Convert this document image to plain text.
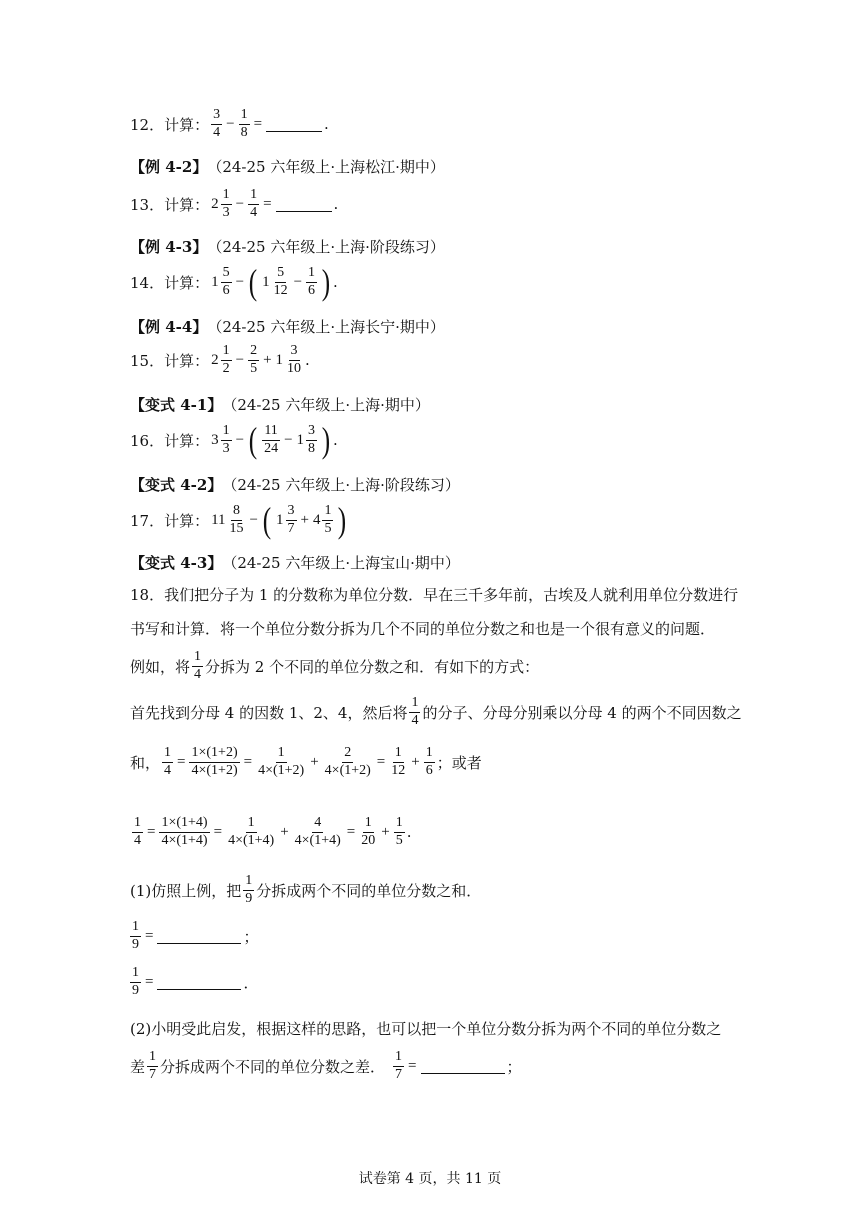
12．计算： $\frac{3}{4} - \frac{1}{8}$ =	.
【例 4-2】 （24-25 六年级上·上海松江·期中）
13．计算： $2 \frac{1}{3} - \frac{1}{4}$ =	.
【例 4-3】 （24-25 六年级上·上海·阶段练习）
14．计算： $1 \frac{5}{6}$ − ( $1 \frac{5}{12} - \frac{1}{6}$ ) .
【例 4-4】 （24-25 六年级上·上海长宁·期中）
15．计算： $2 \frac{1}{2} - \frac{2}{5} + 1 \frac{3}{10}$ .
【变式 4-1】 （24-25 六年级上·上海·期中）
16．计算： $3 \frac{1}{3}$ − ( $\frac{11}{24} - 1 \frac{3}{8}$ ) .
【变式 4-2】 （24-25 六年级上·上海·阶段练习）
17．计算： $11 \frac{8}{15}$ − ( $1 \frac{3}{7} + 4 \frac{1}{5}$ )
【变式 4-3】 （24-25 六年级上·上海宝山·期中）
18．我们把分子为 1 的分数称为单位分数．早在三千多年前，古埃及人就利用单位分数进行
书写和计算．将一个单位分数分拆为几个不同的单位分数之和也是一个很有意义的问题．
例如，将 $\frac{1}{4}$ 分拆为 2 个不同的单位分数之和．有如下的方式：
首先找到分母 4 的因数 1、2、4，然后将 $\frac{1}{4}$ 的分子、分母分别乘以分母 4 的两个不同因数之
和， $\frac{1}{4} = \frac{1\times(1+2)}{4\times(1+2)} = \frac{1}{4\times(1+2)} + \frac{2}{4\times(1+2)} = \frac{1}{12} + \frac{1}{6}$ ；或者
$\frac{1}{4} = \frac{1\times(1+4)}{4\times(1+4)} = \frac{1}{4\times(1+4)} + \frac{4}{4\times(1+4)} = \frac{1}{20} + \frac{1}{5}$ .
(1)仿照上例，把 $\frac{1}{9}$ 分拆成两个不同的单位分数之和．
$\frac{1}{9}$ =	；
$\frac{1}{9}$ =	．
(2)小明受此启发，根据这样的思路，也可以把一个单位分数分拆为两个不同的单位分数之
差 $\frac{1}{7}$ 分拆成两个不同的单位分数之差． $\frac{1}{7}$ =	；
试卷第 4 页，共 11 页
